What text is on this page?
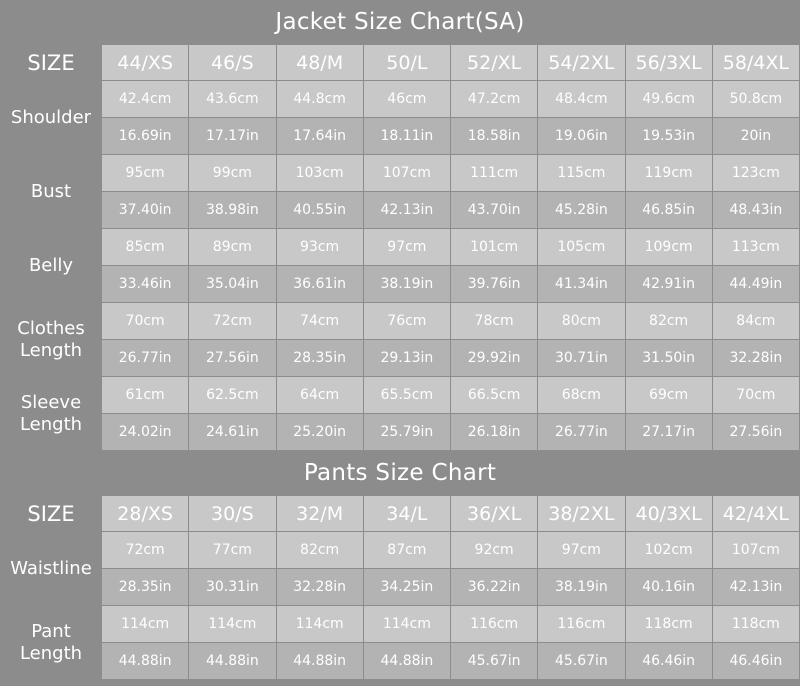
Jacket Size Chart(SA)
SIZE	44/XS	46/S	48/M	50/L	52/XL	54/2XL	56/3XL	58/4XL
Shoulder	42.4cm	43.6cm	44.8cm	46cm	47.2cm	48.4cm	49.6cm	50.8cm
	16.69in	17.17in	17.64in	18.11in	18.58in	19.06in	19.53in	20in
Bust	95cm	99cm	103cm	107cm	111cm	115cm	119cm	123cm
	37.40in	38.98in	40.55in	42.13in	43.70in	45.28in	46.85in	48.43in
Belly	85cm	89cm	93cm	97cm	101cm	105cm	109cm	113cm
	33.46in	35.04in	36.61in	38.19in	39.76in	41.34in	42.91in	44.49in
Clothes Length	70cm	72cm	74cm	76cm	78cm	80cm	82cm	84cm
	26.77in	27.56in	28.35in	29.13in	29.92in	30.71in	31.50in	32.28in
Sleeve Length	61cm	62.5cm	64cm	65.5cm	66.5cm	68cm	69cm	70cm
	24.02in	24.61in	25.20in	25.79in	26.18in	26.77in	27.17in	27.56in
Pants Size Chart
SIZE	28/XS	30/S	32/M	34/L	36/XL	38/2XL	40/3XL	42/4XL
Waistline	72cm	77cm	82cm	87cm	92cm	97cm	102cm	107cm
	28.35in	30.31in	32.28in	34.25in	36.22in	38.19in	40.16in	42.13in
Pant Length	114cm	114cm	114cm	114cm	116cm	116cm	118cm	118cm
	44.88in	44.88in	44.88in	44.88in	45.67in	45.67in	46.46in	46.46in
